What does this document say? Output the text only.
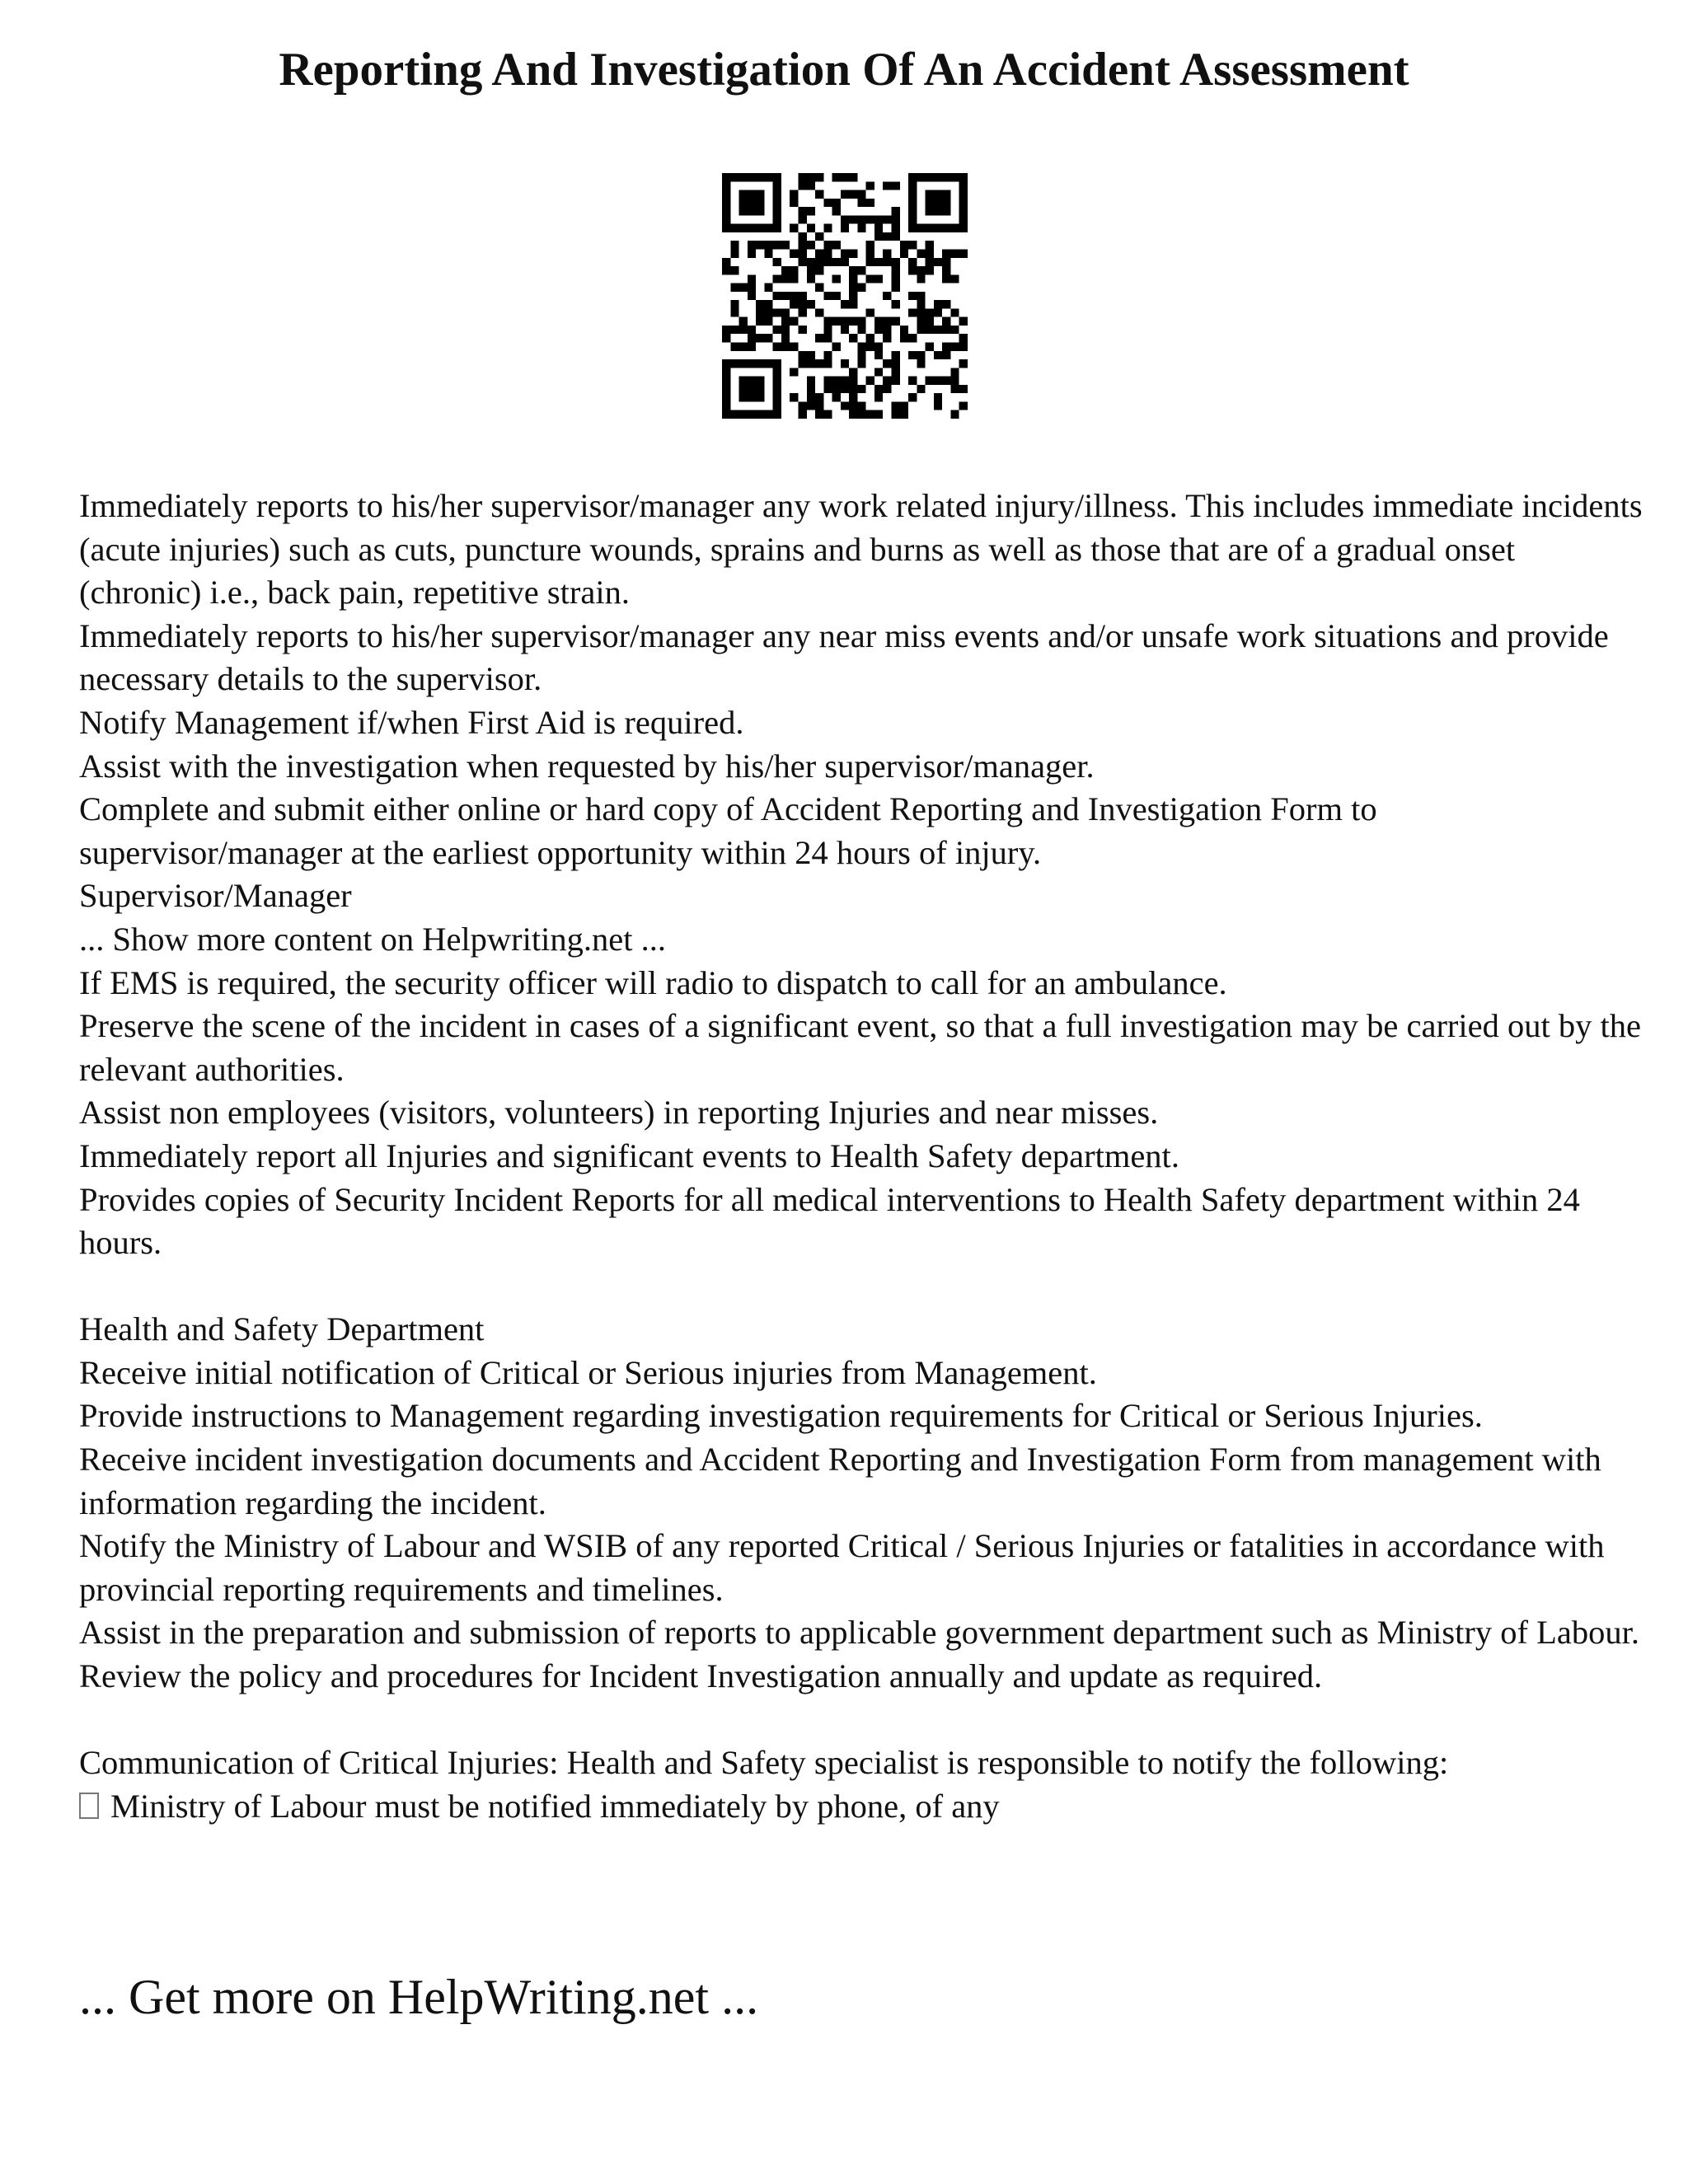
Reporting And Investigation Of An Accident Assessment

Immediately reports to his/her supervisor/manager any work related injury/illness. This includes immediate incidents (acute injuries) such as cuts, puncture wounds, sprains and burns as well as those that are of a gradual onset (chronic) i.e., back pain, repetitive strain.

Immediately reports to his/her supervisor/manager any near miss events and/or unsafe work situations and provide necessary details to the supervisor.

Notify Management if/when First Aid is required.

Assist with the investigation when requested by his/her supervisor/manager.

Complete and submit either online or hard copy of Accident Reporting and Investigation Form to supervisor/manager at the earliest opportunity within 24 hours of injury.

Supervisor/Manager

... Show more content on Helpwriting.net ...

If EMS is required, the security officer will radio to dispatch to call for an ambulance.

Preserve the scene of the incident in cases of a significant event, so that a full investigation may be carried out by the relevant authorities.

Assist non employees (visitors, volunteers) in reporting Injuries and near misses.

Immediately report all Injuries and significant events to Health Safety department.

Provides copies of Security Incident Reports for all medical interventions to Health Safety department within 24 hours.

Health and Safety Department

Receive initial notification of Critical or Serious injuries from Management.

Provide instructions to Management regarding investigation requirements for Critical or Serious Injuries.

Receive incident investigation documents and Accident Reporting and Investigation Form from management with information regarding the incident.

Notify the Ministry of Labour and WSIB of any reported Critical / Serious Injuries or fatalities in accordance with provincial reporting requirements and timelines.

Assist in the preparation and submission of reports to applicable government department such as Ministry of Labour.

Review the policy and procedures for Incident Investigation annually and update as required.

Communication of Critical Injuries: Health and Safety specialist is responsible to notify the following:

Ministry of Labour must be notified immediately by phone, of any

... Get more on HelpWriting.net ...
